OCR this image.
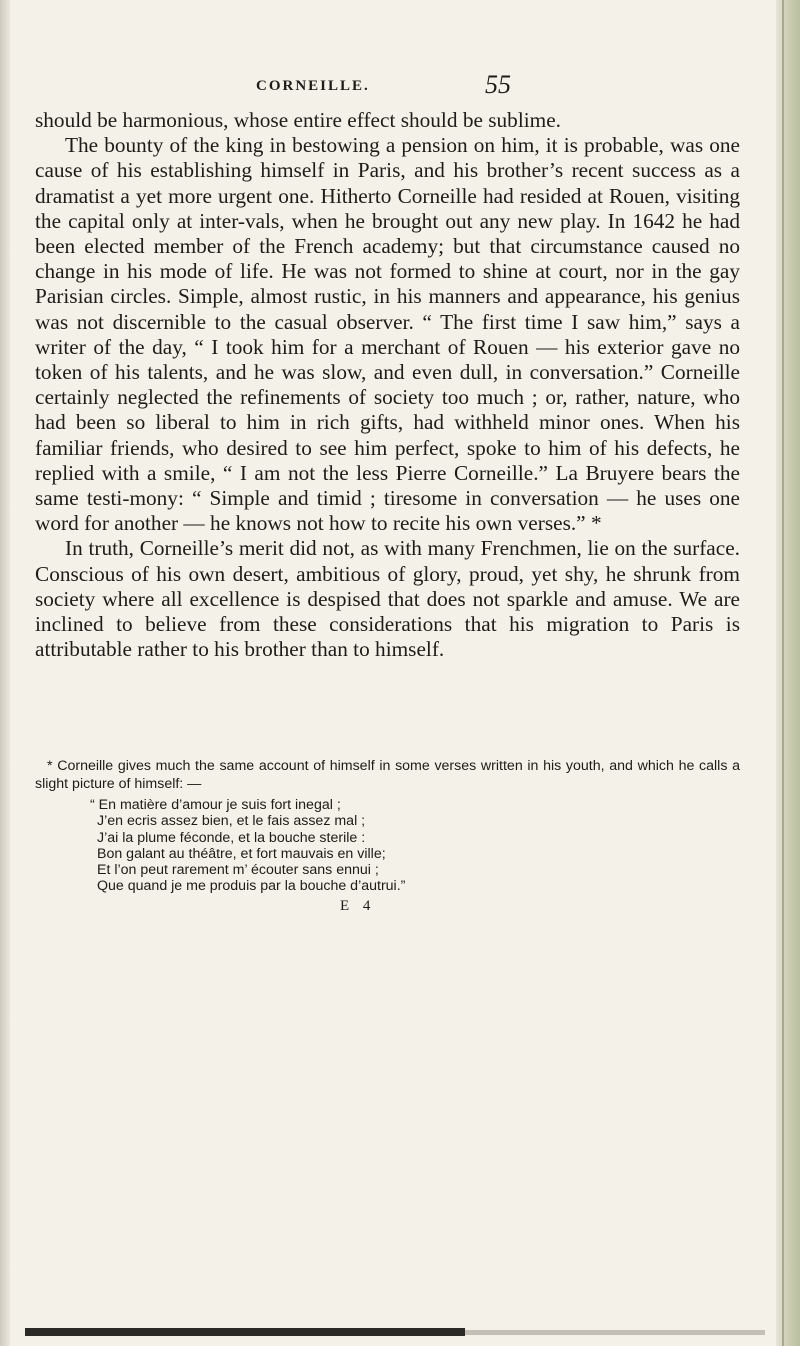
CORNEILLE.	55

should be harmonious, whose entire effect should be sublime.

The bounty of the king in bestowing a pension on him, it is probable, was one cause of his establishing himself in Paris, and his brother’s recent success as a dramatist a yet more urgent one. Hitherto Corneille had resided at Rouen, visiting the capital only at inter-vals, when he brought out any new play. In 1642 he had been elected member of the French academy; but that circumstance caused no change in his mode of life. He was not formed to shine at court, nor in the gay Parisian circles. Simple, almost rustic, in his manners and appearance, his genius was not discernible to the casual observer. “ The first time I saw him,” says a writer of the day, “ I took him for a merchant of Rouen — his exterior gave no token of his talents, and he was slow, and even dull, in conversation.” Corneille certainly neglected the refinements of society too much ; or, rather, nature, who had been so liberal to him in rich gifts, had withheld minor ones. When his familiar friends, who desired to see him perfect, spoke to him of his defects, he replied with a smile, “ I am not the less Pierre Corneille.” La Bruyere bears the same testi-mony: “ Simple and timid ; tiresome in conversation — he uses one word for another — he knows not how to recite his own verses.” *

In truth, Corneille’s merit did not, as with many Frenchmen, lie on the surface. Conscious of his own desert, ambitious of glory, proud, yet shy, he shrunk from society where all excellence is despised that does not sparkle and amuse. We are inclined to believe from these considerations that his migration to Paris is attributable rather to his brother than to himself.

* Corneille gives much the same account of himself in some verses written in his youth, and which he calls a slight picture of himself: —

“ En matière d’amour je suis fort inegal ;
J’en ecris assez bien, et le fais assez mal ;
J’ai la plume féconde, et la bouche sterile :
Bon galant au théâtre, et fort mauvais en ville;
Et l’on peut rarement m’ écouter sans ennui ;
Que quand je me produis par la bouche d’autrui.”
E 4
